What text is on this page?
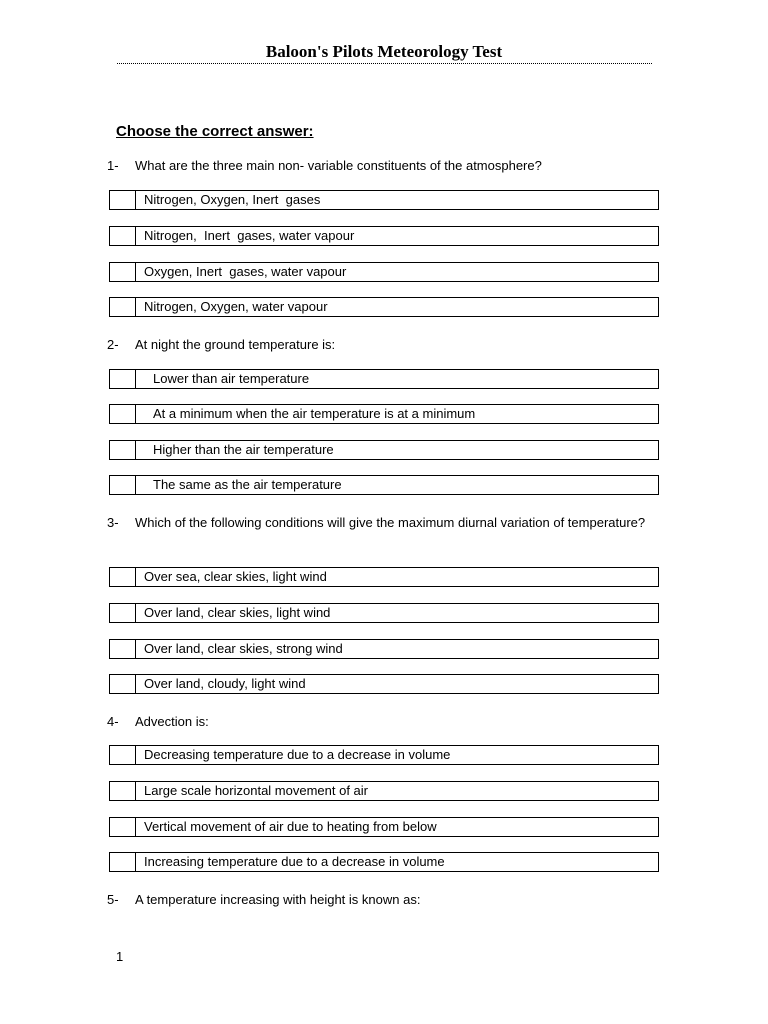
Baloon's Pilots Meteorology Test
Choose the correct answer:
1-	What are the three main non- variable constituents of the atmosphere?
Nitrogen, Oxygen, Inert  gases
Nitrogen,  Inert  gases, water vapour
Oxygen, Inert  gases, water vapour
Nitrogen, Oxygen, water vapour
2-	At night the ground temperature is:
Lower than air temperature
At a minimum when the air temperature is at a minimum
Higher than the air temperature
The same as the air temperature
3-	Which of the following conditions will give the maximum diurnal variation of temperature?
Over sea, clear skies, light wind
Over land, clear skies, light wind
Over land, clear skies, strong wind
Over land, cloudy, light wind
4-	Advection is:
Decreasing temperature due to a decrease in volume
Large scale horizontal movement of air
Vertical movement of air due to heating from below
Increasing temperature due to a decrease in volume
5-	A temperature increasing with height is known as:
1
